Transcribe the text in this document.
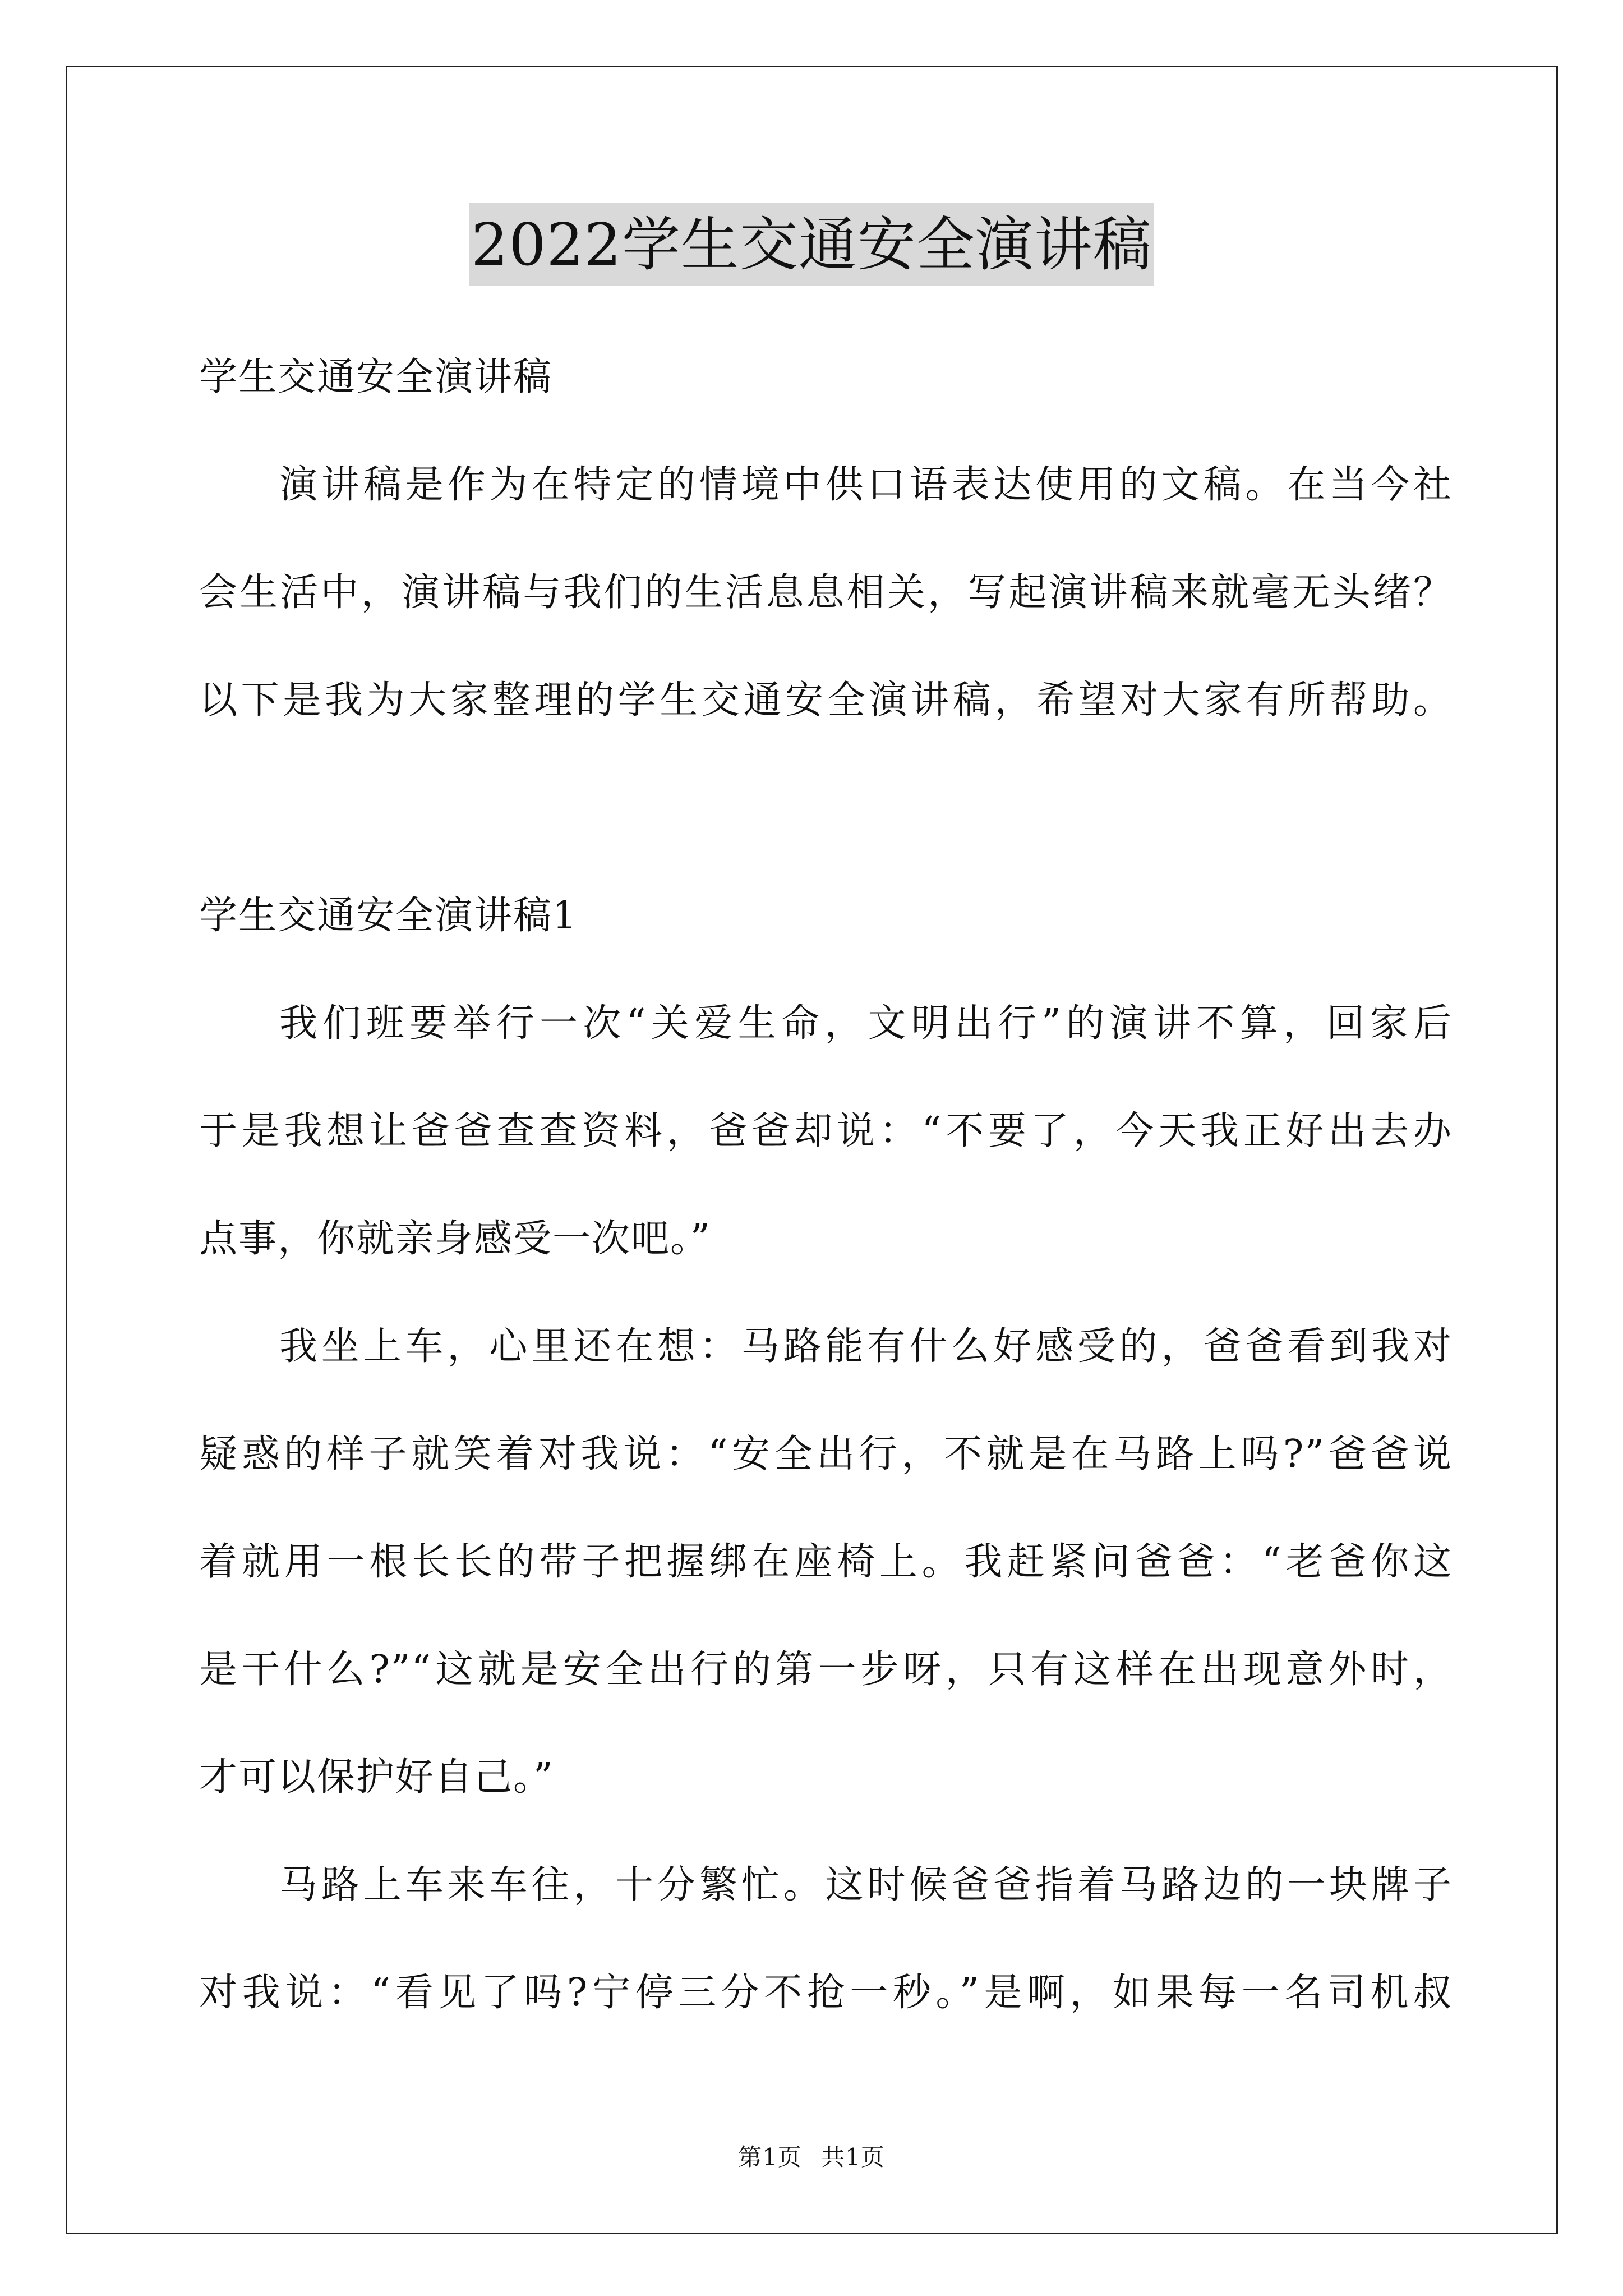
2022学生交通安全演讲稿
学生交通安全演讲稿
演讲稿是作为在特定的情境中供口语表达使用的文稿。在当今社
会生活中，演讲稿与我们的生活息息相关，写起演讲稿来就毫无头绪？
以下是我为大家整理的学生交通安全演讲稿，希望对大家有所帮助。
学生交通安全演讲稿1
我们班要举行一次“关爱生命，文明出行”的演讲不算，回家后
于是我想让爸爸查查资料，爸爸却说：“不要了，今天我正好出去办
点事，你就亲身感受一次吧。”
我坐上车，心里还在想：马路能有什么好感受的，爸爸看到我对
疑惑的样子就笑着对我说：“安全出行，不就是在马路上吗?”爸爸说
着就用一根长长的带子把握绑在座椅上。我赶紧问爸爸：“老爸你这
是干什么?”“这就是安全出行的第一步呀，只有这样在出现意外时，
才可以保护好自己。”
马路上车来车往，十分繁忙。这时候爸爸指着马路边的一块牌子
对我说：“看见了吗?宁停三分不抢一秒。”是啊，如果每一名司机叔
第1页 共1页
